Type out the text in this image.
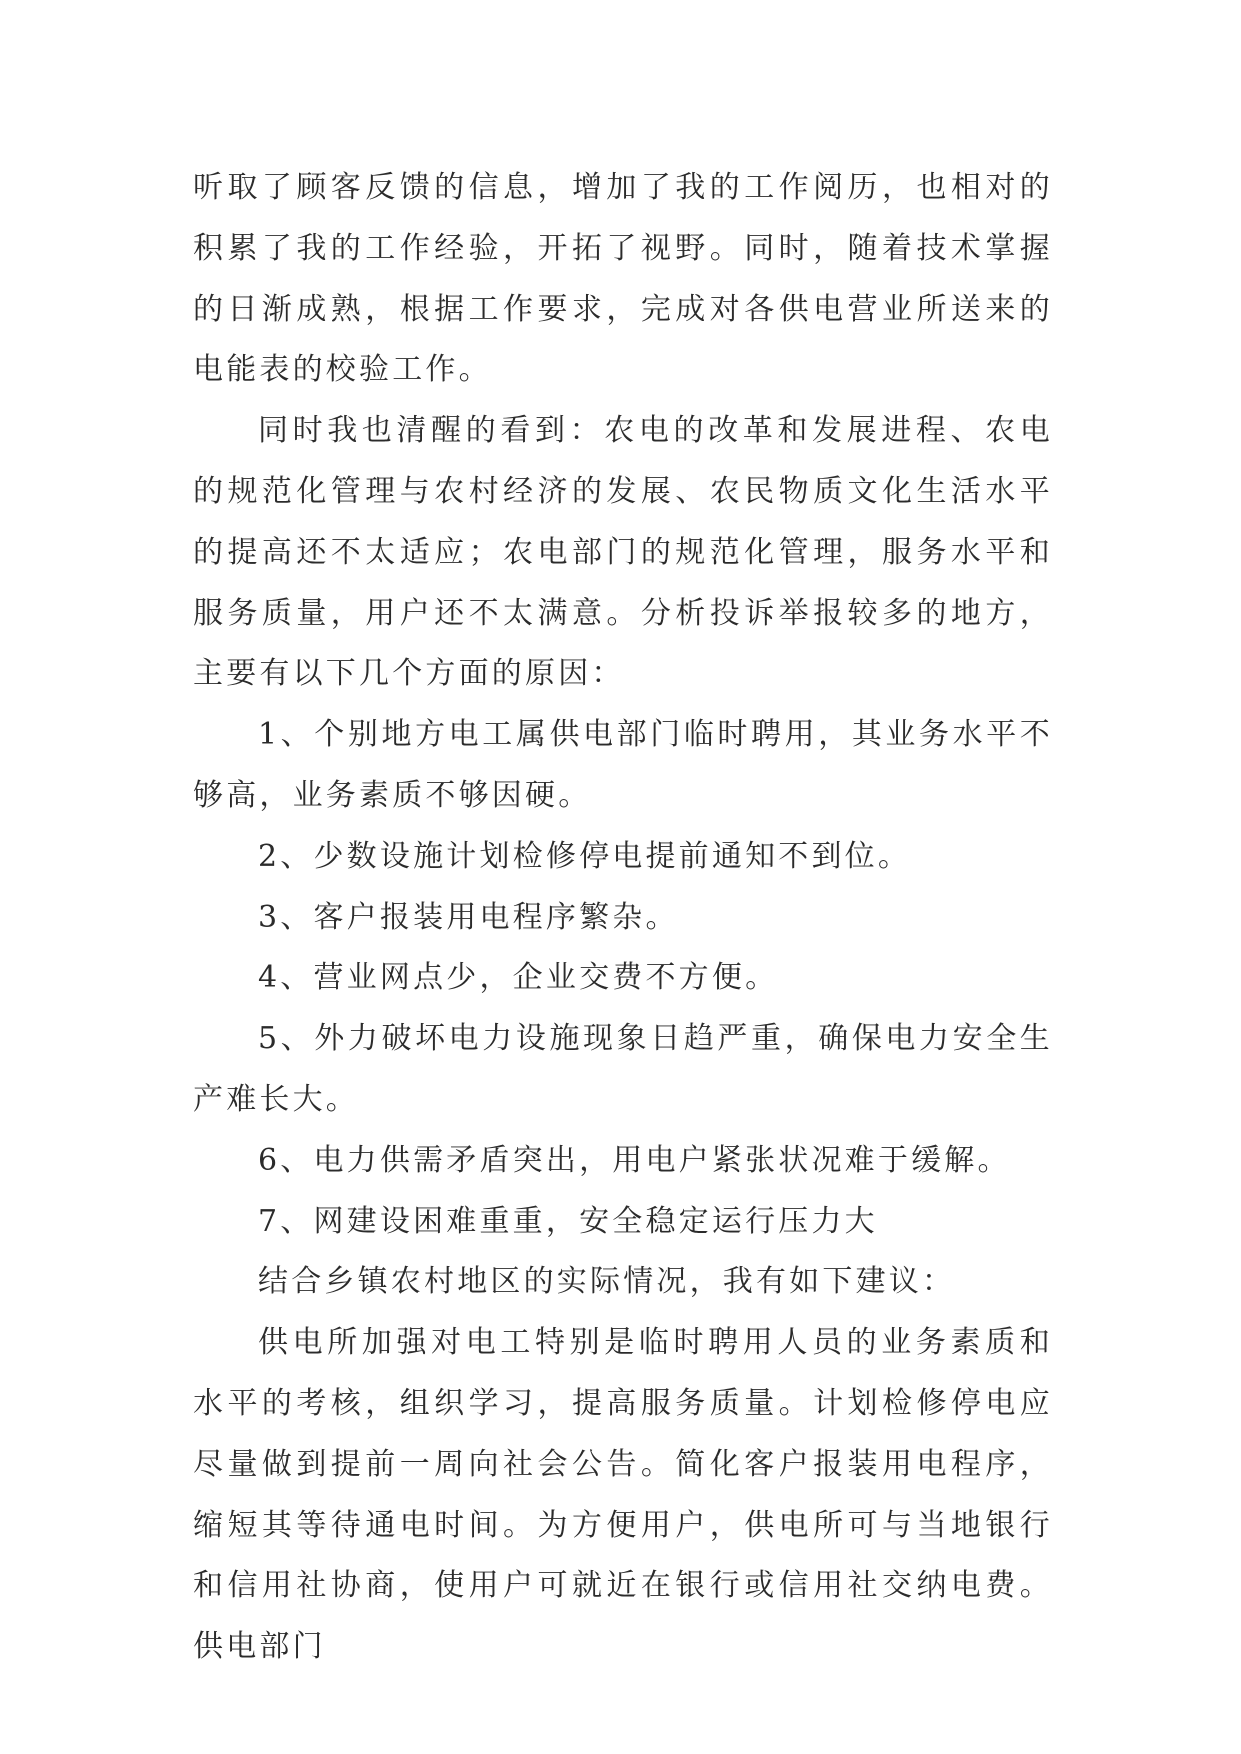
听取了顾客反馈的信息，增加了我的工作阅历，也相对的积累了我的工作经验，开拓了视野。同时，随着技术掌握的日渐成熟，根据工作要求，完成对各供电营业所送来的电能表的校验工作。

同时我也清醒的看到：农电的改革和发展进程、农电的规范化管理与农村经济的发展、农民物质文化生活水平的提高还不太适应；农电部门的规范化管理，服务水平和服务质量，用户还不太满意。分析投诉举报较多的地方，主要有以下几个方面的原因：

1、个别地方电工属供电部门临时聘用，其业务水平不够高，业务素质不够因硬。

2、少数设施计划检修停电提前通知不到位。

3、客户报装用电程序繁杂。

4、营业网点少，企业交费不方便。

5、外力破坏电力设施现象日趋严重，确保电力安全生产难长大。

6、电力供需矛盾突出，用电户紧张状况难于缓解。

7、网建设困难重重，安全稳定运行压力大

结合乡镇农村地区的实际情况，我有如下建议：

供电所加强对电工特别是临时聘用人员的业务素质和水平的考核，组织学习，提高服务质量。计划检修停电应尽量做到提前一周向社会公告。简化客户报装用电程序，缩短其等待通电时间。为方便用户，供电所可与当地银行和信用社协商，使用户可就近在银行或信用社交纳电费。供电部门
